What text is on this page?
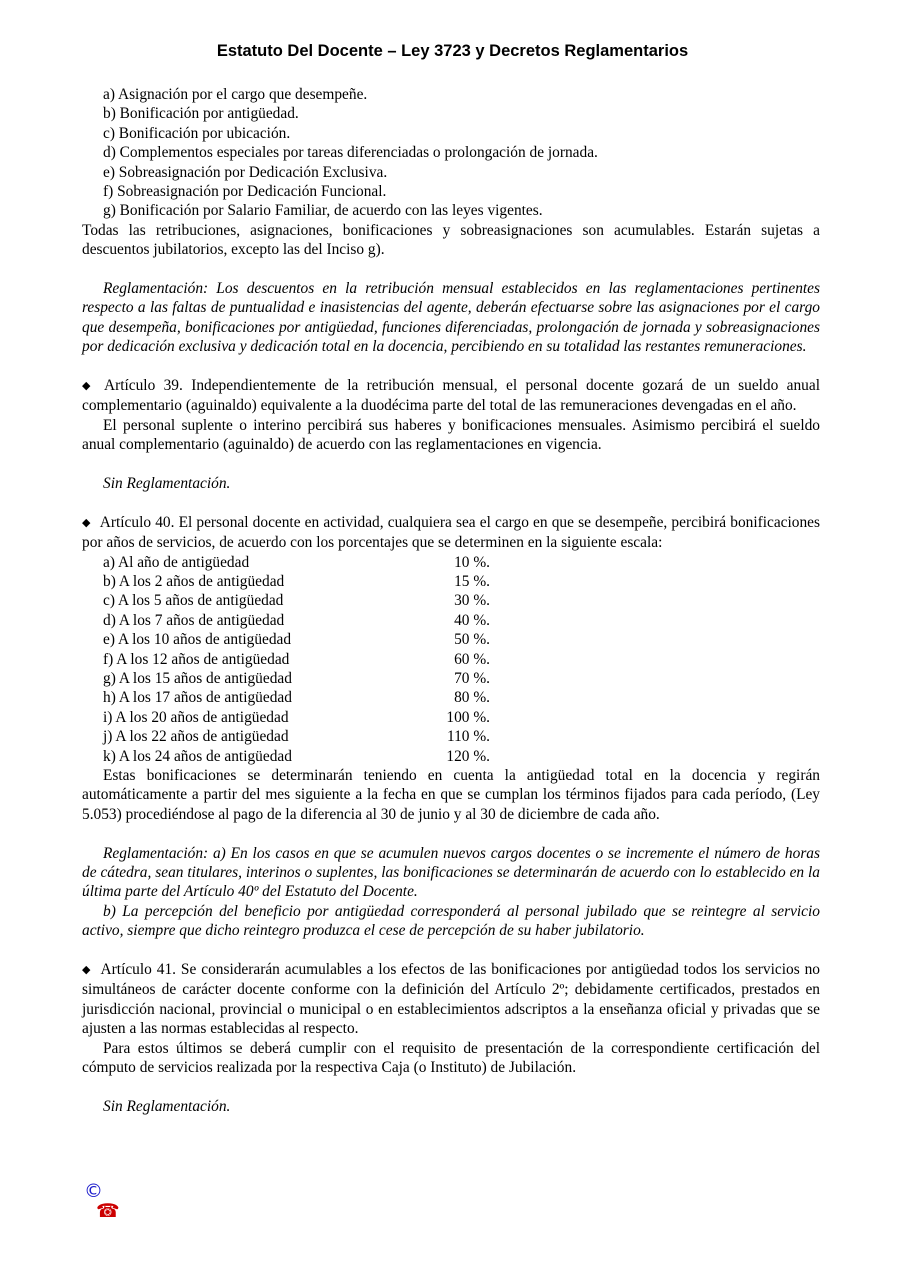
Estatuto Del Docente – Ley 3723 y Decretos Reglamentarios

a) Asignación por el cargo que desempeñe.

b) Bonificación por antigüedad.

c) Bonificación por ubicación.

d) Complementos especiales por tareas diferenciadas o prolongación de jornada.

e) Sobreasignación por Dedicación Exclusiva.

f) Sobreasignación por Dedicación Funcional.

g) Bonificación por Salario Familiar, de acuerdo con las leyes vigentes.

Todas las retribuciones, asignaciones, bonificaciones y sobreasignaciones son acumulables. Estarán sujetas a descuentos jubilatorios, excepto las del Inciso g).

Reglamentación: Los descuentos en la retribución mensual establecidos en las reglamentaciones pertinentes respecto a las faltas de puntualidad e inasistencias del agente, deberán efectuarse sobre las asignaciones por el cargo que desempeña, bonificaciones por antigüedad, funciones diferenciadas, prolongación de jornada y sobreasignaciones por dedicación exclusiva y dedicación total en la docencia, percibiendo en su totalidad las restantes remuneraciones.

◆ Artículo 39. Independientemente de la retribución mensual, el personal docente gozará de un sueldo anual complementario (aguinaldo) equivalente a la duodécima parte del total de las remuneraciones devengadas en el año.

El personal suplente o interino percibirá sus haberes y bonificaciones mensuales. Asimismo percibirá el sueldo anual complementario (aguinaldo) de acuerdo con las reglamentaciones en vigencia.

Sin Reglamentación.

◆ Artículo 40. El personal docente en actividad, cualquiera sea el cargo en que se desempeñe, percibirá bonificaciones por años de servicios, de acuerdo con los porcentajes que se determinen en la siguiente escala:

a) Al año de antigüedad	10 %.
b) A los 2 años de antigüedad	15 %.
c) A los 5 años de antigüedad	30 %.
d) A los 7 años de antigüedad	40 %.
e) A los 10 años de antigüedad	50 %.
f) A los 12 años de antigüedad	60 %.
g) A los 15 años de antigüedad	70 %.
h) A los 17 años de antigüedad	80 %.
i) A los 20 años de antigüedad	100 %.
j) A los 22 años de antigüedad	110 %.
k) A los 24 años de antigüedad	120 %.

Estas bonificaciones se determinarán teniendo en cuenta la antigüedad total en la docencia y regirán automáticamente a partir del mes siguiente a la fecha en que se cumplan los términos fijados para cada período, (Ley 5.053) procediéndose al pago de la diferencia al 30 de junio y al 30 de diciembre de cada año.

Reglamentación: a) En los casos en que se acumulen nuevos cargos docentes o se incremente el número de horas de cátedra, sean titulares, interinos o suplentes, las bonificaciones se determinarán de acuerdo con lo establecido en la última parte del Artículo 40º del Estatuto del Docente.

b) La percepción del beneficio por antigüedad corresponderá al personal jubilado que se reintegre al servicio activo, siempre que dicho reintegro produzca el cese de percepción de su haber jubilatorio.

◆ Artículo 41. Se considerarán acumulables a los efectos de las bonificaciones por antigüedad todos los servicios no simultáneos de carácter docente conforme con la definición del Artículo 2º; debidamente certificados, prestados en jurisdicción nacional, provincial o municipal o en establecimientos adscriptos a la enseñanza oficial y privadas que se ajusten a las normas establecidas al respecto.

Para estos últimos se deberá cumplir con el requisito de presentación de la correspondiente certificación del cómputo de servicios realizada por la respectiva Caja (o Instituto) de Jubilación.

Sin Reglamentación.

©
☎
